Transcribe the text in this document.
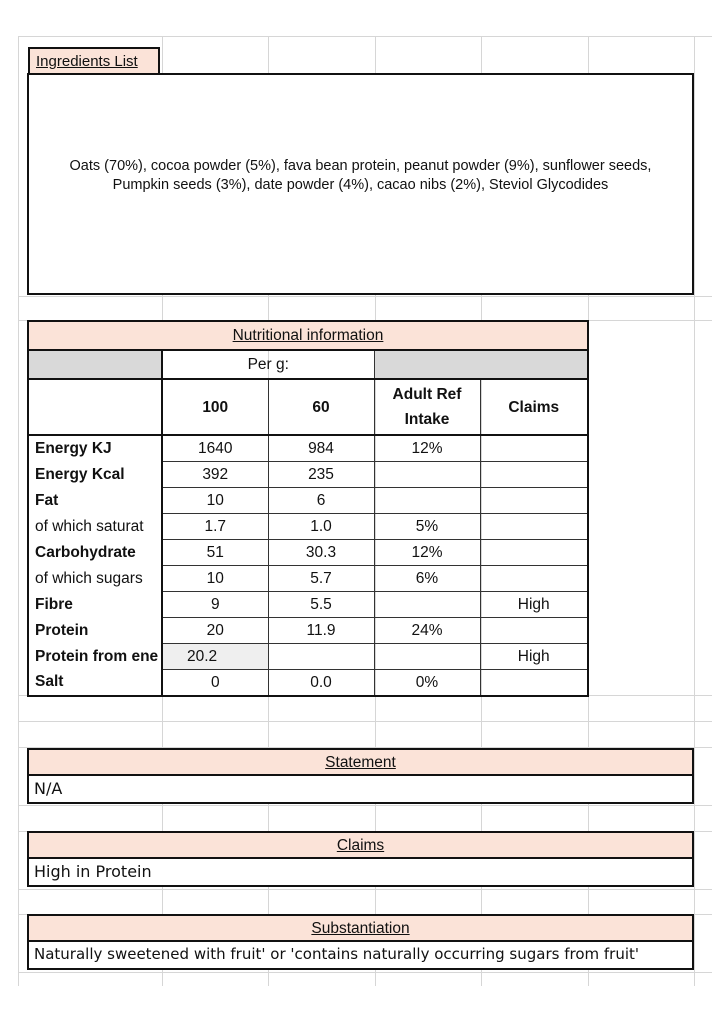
Ingredients List
Oats (70%), cocoa powder (5%), fava bean protein, peanut powder (9%), sunflower seeds,
Pumpkin seeds (3%), date powder (4%), cacao nibs (2%), Steviol Glycodides
Nutritional information				
	Per g:			
	100	60	Adult Ref Intake	Claims
Energy KJ	1640	984	12%	
Energy Kcal	392	235		
Fat	10	6		
of which saturat	1.7	1.0	5%	
Carbohydrate	51	30.3	12%	
of which sugars	10	5.7	6%	
Fibre	9	5.5		High
Protein	20	11.9	24%	
Protein from ene	20.2			High
Salt	0	0.0	0%	
Statement
N/A
Claims
High in Protein
Substantiation
Naturally sweetened with fruit' or 'contains naturally occurring sugars from fruit'
